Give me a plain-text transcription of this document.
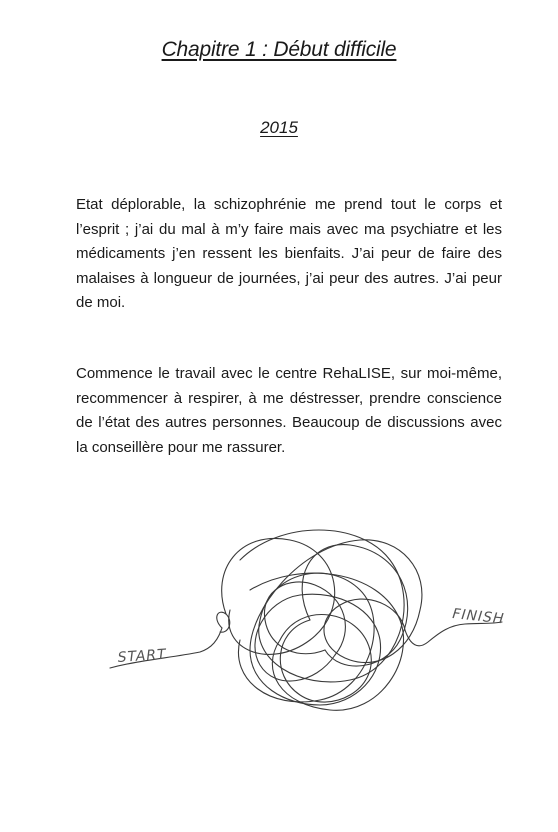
Chapitre 1 : Début difficile
2015

Etat déplorable, la schizophrénie me prend tout le corps et l’esprit ; j’ai du mal à m’y faire mais avec ma psychiatre et les médicaments j’en ressent les bienfaits. J’ai peur de faire des malaises à longueur de journées, j’ai peur des autres. J’ai peur de moi.

Commence le travail avec le centre RehaLISE, sur moi-même, recommencer à respirer, à me déstresser, prendre conscience de l’état des autres personnes. Beaucoup de discussions avec la conseillère pour me rassurer.

START
FINISH
